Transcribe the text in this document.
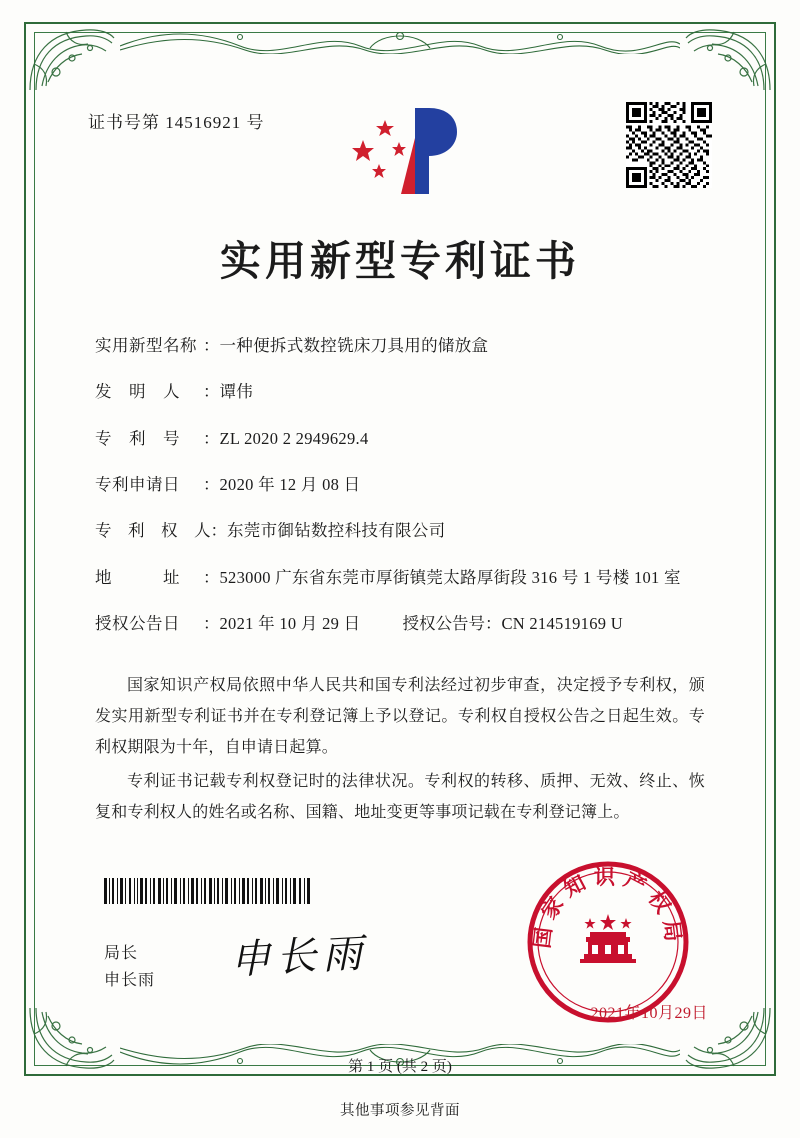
证书号第 14516921 号
实用新型专利证书
实用新型名称 ： 一种便拆式数控铣床刀具用的储放盒
发　明　人	： 谭伟
专　利　号	： ZL 2020 2 2949629.4
专利申请日	： 2020 年 12 月 08 日
专　利　权　人 ： 东莞市御钻数控科技有限公司
地　　　址	： 523000 广东省东莞市厚街镇莞太路厚街段 316 号 1 号楼 101 室
授权公告日	： 2021 年 10 月 29 日	授权公告号： CN 214519169 U

国家知识产权局依照中华人民共和国专利法经过初步审查，决定授予专利权，颁发实用新型专利证书并在专利登记簿上予以登记。专利权自授权公告之日起生效。专利权期限为十年，自申请日起算。

专利证书记载专利权登记时的法律状况。专利权的转移、质押、无效、终止、恢复和专利权人的姓名或名称、国籍、地址变更等事项记载在专利登记簿上。

局长
申长雨 申长雨	国家知识产权局
2021年10月29日
第 1 页 (共 2 页)
其他事项参见背面
